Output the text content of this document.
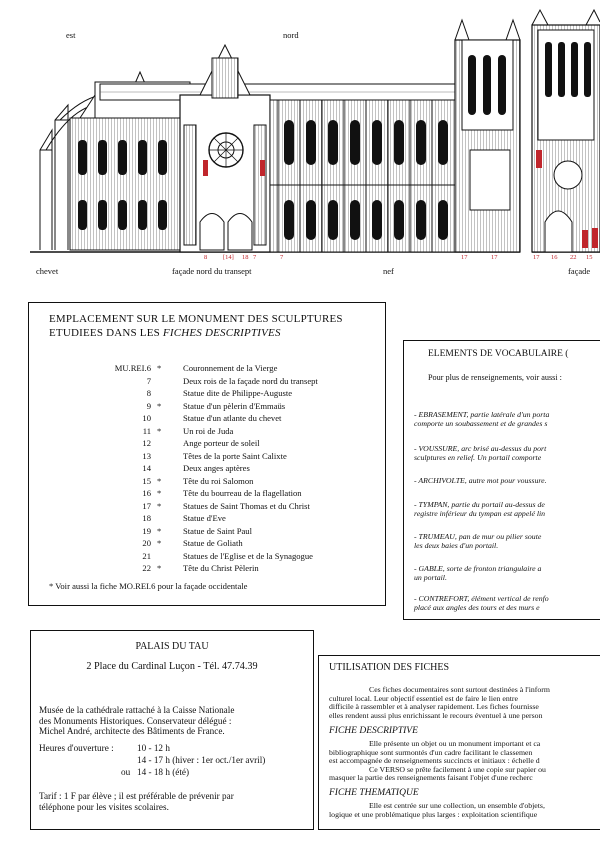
est	nord
8 [14] 18 7	7	17	17	17 16 22 15
chevet	façade nord du transept	nef	façade
EMPLACEMENT SUR LE MONUMENT DES SCULPTURES
ETUDIEES DANS LES FICHES DESCRIPTIVES
MU.REI.6 *	Couronnement de la Vierge
7	Deux rois de la façade nord du transept
8	Statue dite de Philippe-Auguste
9 *	Statue d'un pèlerin d'Emmaüs
10	Statue d'un atlante du chevet
11 *	Un roi de Juda
12	Ange porteur de soleil
13	Têtes de la porte Saint Calixte
14	Deux anges aptères
15 *	Tête du roi Salomon
16 *	Tête du bourreau de la flagellation
17 *	Statues de Saint Thomas et du Christ
18	Statue d'Eve
19 *	Statue de Saint Paul
20 *	Statue de Goliath
21	Statues de l'Eglise et de la Synagogue
22 *	Tête du Christ Pèlerin
* Voir aussi la fiche MO.REI.6 pour la façade occidentale
ELEMENTS DE VOCABULAIRE (
Pour plus de renseignements, voir aussi :
- EBRASEMENT, partie latérale d'un porta
comporte un soubassement et de grandes s
- VOUSSURE, arc brisé au-dessus du port
sculptures en relief. Un portail comporte
- ARCHIVOLTE, autre mot pour voussure.
- TYMPAN, partie du portail au-dessus de
registre inférieur du tympan est appelé lin
- TRUMEAU, pan de mur ou pilier soute
les deux baies d'un portail.
- GABLE, sorte de fronton triangulaire a
un portail.
- CONTREFORT, élément vertical de renfo
placé aux angles des tours et des murs e
PALAIS DU TAU
2 Place du Cardinal Luçon - Tél. 47.74.39
Musée de la cathédrale rattaché à la Caisse Nationale
des Monuments Historiques. Conservateur délégué :
Michel André, architecte des Bâtiments de France.
Heures d'ouverture :	10 - 12 h
14 - 17 h (hiver : 1er oct./1er avril)
ou 14 - 18 h (été)
Tarif : 1 F par élève ; il est préférable de prévenir par
téléphone pour les visites scolaires.
UTILISATION DES FICHES
Ces fiches documentaires sont surtout destinées à l'inform
culturel local. Leur objectif essentiel est de faire le lien entre
difficile à rassembler et à analyser rapidement. Les fiches fournisse
elles rendent aussi plus enrichissant le recours éventuel à une person
FICHE DESCRIPTIVE
Elle présente un objet ou un monument important et ca
bibliographique sont surmontés d'un cadre facilitant le classemen
est accompagnée de renseignements succincts et initiaux : échelle d
Ce VERSO se prête facilement à une copie sur papier ou
masquer la partie des renseignements faisant l'objet d'une recherc
FICHE THEMATIQUE
Elle est centrée sur une collection, un ensemble d'objets,
logique et une problématique plus larges : exploitation scientifique
